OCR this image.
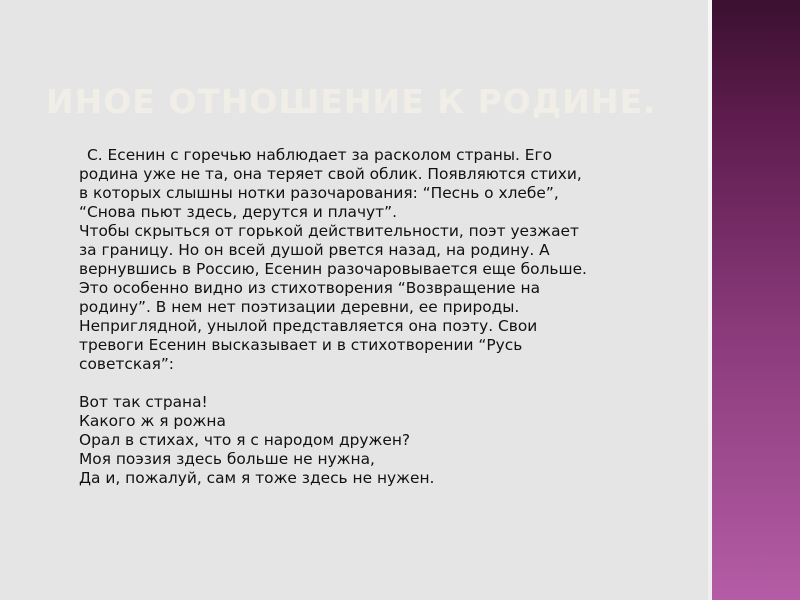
ИНОЕ ОТНОШЕНИЕ К РОДИНЕ.

С. Есенин с горечью наблюдает за расколом страны. Его

родина уже не та, она теряет свой облик. Появляются стихи,

в которых слышны нотки разочарования: “Песнь о хлебе”,

“Снова пьют здесь, дерутся и плачут”.

Чтобы скрыться от горькой действительности, поэт уезжает

за границу. Но он всей душой рвется назад, на родину. А

вернувшись в Россию, Есенин разочаровывается еще больше.

Это особенно видно из стихотворения “Возвращение на

родину”. В нем нет поэтизации деревни, ее природы.

Неприглядной, унылой представляется она поэту. Свои

тревоги Есенин высказывает и в стихотворении “Русь

советская”:

Вот так страна!

Какого ж я рожна

Орал в стихах, что я с народом дружен?

Моя поэзия здесь больше не нужна,

Да и, пожалуй, сам я тоже здесь не нужен.
